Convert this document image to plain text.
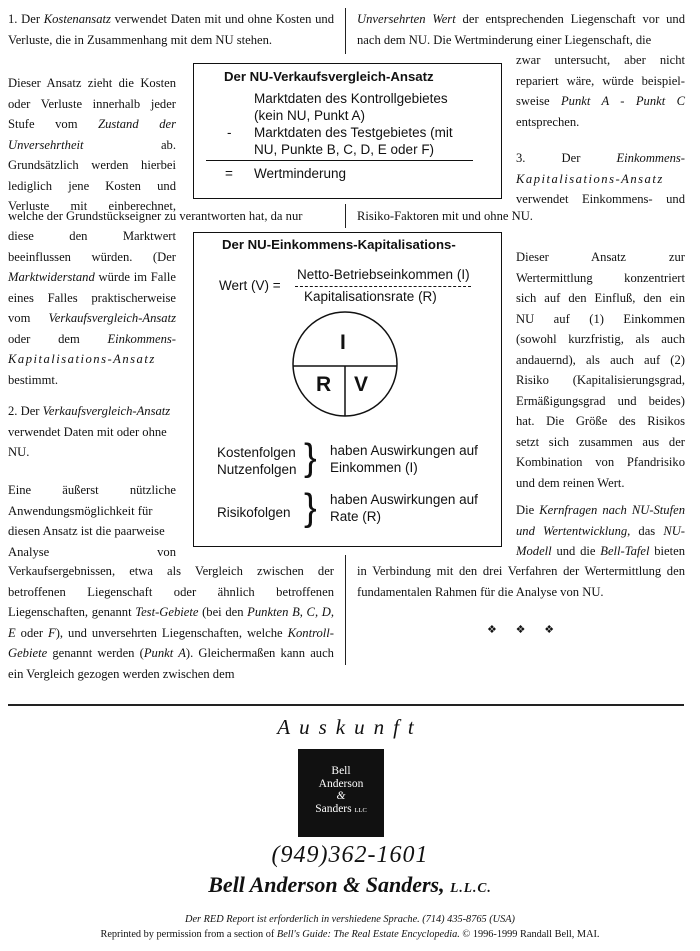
1. Der Kostenansatz verwendet Daten mit und ohne Kosten und Verluste, die in Zusammenhang mit dem NU stehen.

Dieser Ansatz zieht die Kosten

oder Verluste innerhalb jeder

Stufe vom Zustand der Unversehrtheit ab.

Grundsätzlich werden hierbei

lediglich jene Kosten und

Verluste mit einberechnet,

welche der Grundstückseigner zu verantworten hat, da nur

diese den Marktwert

beeinflussen würden. (Der

Marktwiderstand würde im Falle

eines Falles praktischerweise

vom Verkaufsvergleich-Ansatz

oder dem Einkommens-

Kapitalisations-Ansatz

bestimmt.

2. Der Verkaufsvergleich-Ansatz verwendet Daten mit oder ohne NU.

Eine äußerst nützliche

Anwendungsmöglichkeit für

diesen Ansatz ist die paarweise

Analyse von

Verkaufsergebnissen, etwa als Vergleich zwischen der betroffenen Liegenschaft oder ähnlich betroffenen Liegenschaften, genannt Test-Gebiete (bei den Punkten B, C, D, E oder F), und unversehrten Liegenschaften, welche Kontroll-Gebiete genannt werden (Punkt A). Gleichermaßen kann auch ein Vergleich gezogen werden zwischen dem
Unversehrten Wert der entsprechenden Liegenschaft vor und nach dem NU. Die Wertminderung einer Liegenschaft, die

zwar untersucht, aber nicht

repariert wäre, würde beispiel-

sweise Punkt A - Punkt C

entsprechen.

3. Der Einkommens-

Kapitalisations-Ansatz

verwendet Einkommens- und

Risiko-Faktoren mit und ohne NU.

Dieser Ansatz zur

Wertermittlung konzentriert

sich auf den Einfluß, den ein

NU auf (1) Einkommen

(sowohl kurzfristig, als auch

andauernd), als auch auf (2)

Risiko (Kapitalisierungsgrad,

Ermäßigungsgrad und beides)

hat. Die Größe des Risikos

setzt sich zusammen aus der

Kombination von Pfandrisiko

und dem reinen Wert.

Die Kernfragen nach NU-Stufen

und Wertentwicklung, das NU-

Modell und die Bell-Tafel bieten

in Verbindung mit den drei Verfahren der Wertermittlung den fundamentalen Rahmen für die Analyse von NU.
❖ ❖ ❖
Der NU-Verkaufsvergleich-Ansatz
Marktdaten des Kontrollgebietes
(kein NU, Punkt A)
- Marktdaten des Testgebietes (mit
NU, Punkte B, C, D, E oder F)
= Wertminderung
Der NU-Einkommens-Kapitalisations-
Wert (V) =
Netto-Betriebseinkommen (I)
Kapitalisationsrate (R)
I
R V
Kostenfolgen
Nutzenfolgen } haben Auswirkungen auf
Einkommen (I)
Risikofolgen } haben Auswirkungen auf
Rate (R)
Auskunft
Bell
Anderson
&
Sanders LLC
(949)362-1601
Bell Anderson & Sanders, L.L.C.
Der RED Report ist erforderlich in vershiedene Sprache. (714) 435-8765 (USA)
Reprinted by permission from a section of Bell's Guide: The Real Estate Encyclopedia. © 1996-1999 Randall Bell, MAI.
